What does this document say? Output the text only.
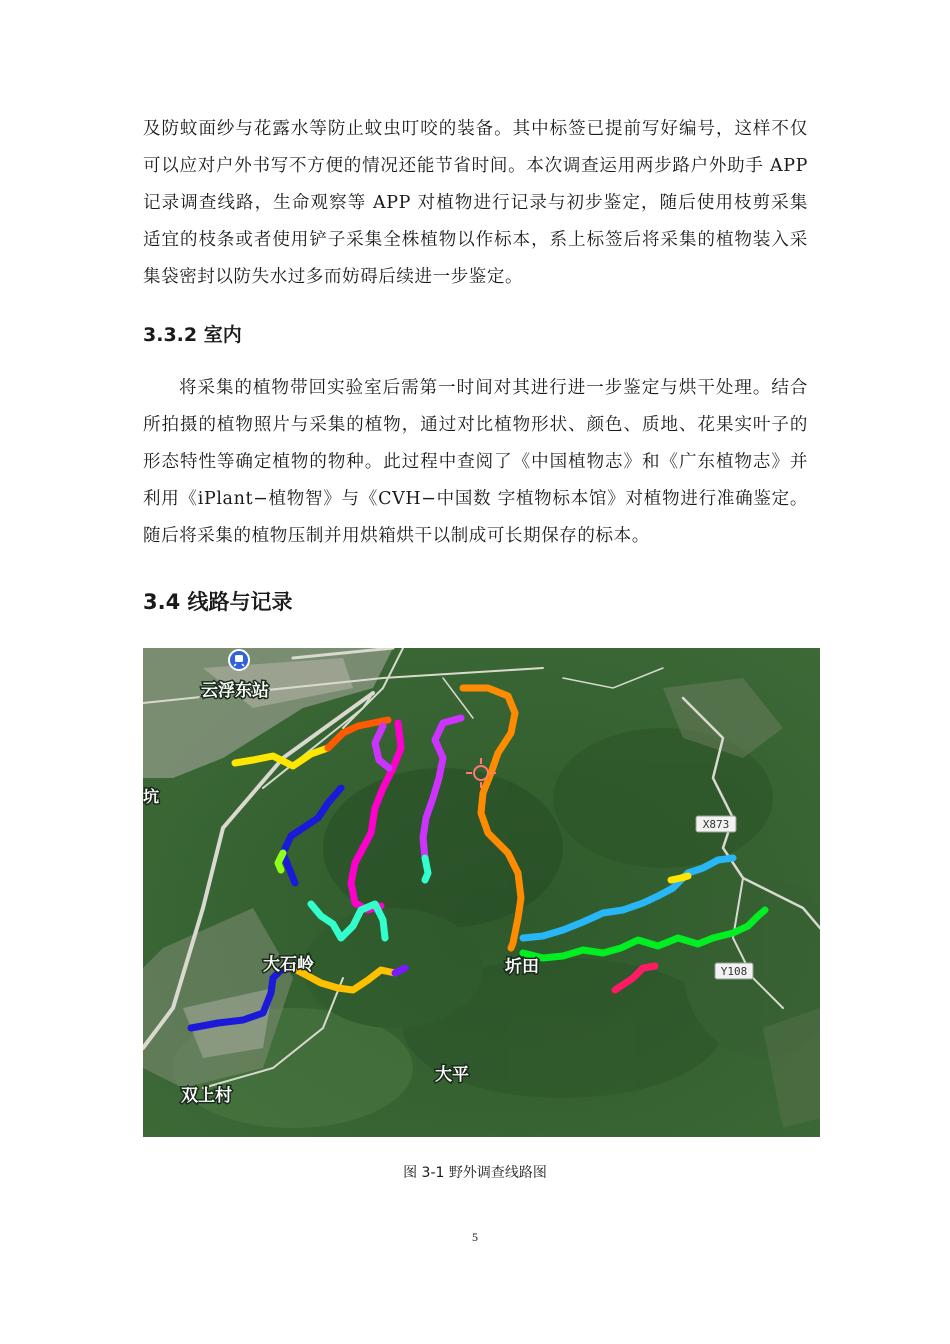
及防蚊面纱与花露水等防止蚊虫叮咬的装备。其中标签已提前写好编号，这样不仅可以应对户外书写不方便的情况还能节省时间。本次调查运用两步路户外助手 APP 记录调查线路，生命观察等 APP 对植物进行记录与初步鉴定，随后使用枝剪采集适宜的枝条或者使用铲子采集全株植物以作标本，系上标签后将采集的植物装入采集袋密封以防失水过多而妨碍后续进一步鉴定。

3.3.2 室内

将采集的植物带回实验室后需第一时间对其进行进一步鉴定与烘干处理。结合所拍摄的植物照片与采集的植物，通过对比植物形状、颜色、质地、花果实叶子的形态特性等确定植物的物种。此过程中查阅了《中国植物志》和《广东植物志》并利用《iPlant−植物智》与《CVH−中国数 字植物标本馆》对植物进行准确鉴定。随后将采集的植物压制并用烘箱烘干以制成可长期保存的标本。

3.4 线路与记录
X873
Y108
云浮东站
坑
大石岭	圻田
大平
双上村

图 3-1 野外调查线路图

5
